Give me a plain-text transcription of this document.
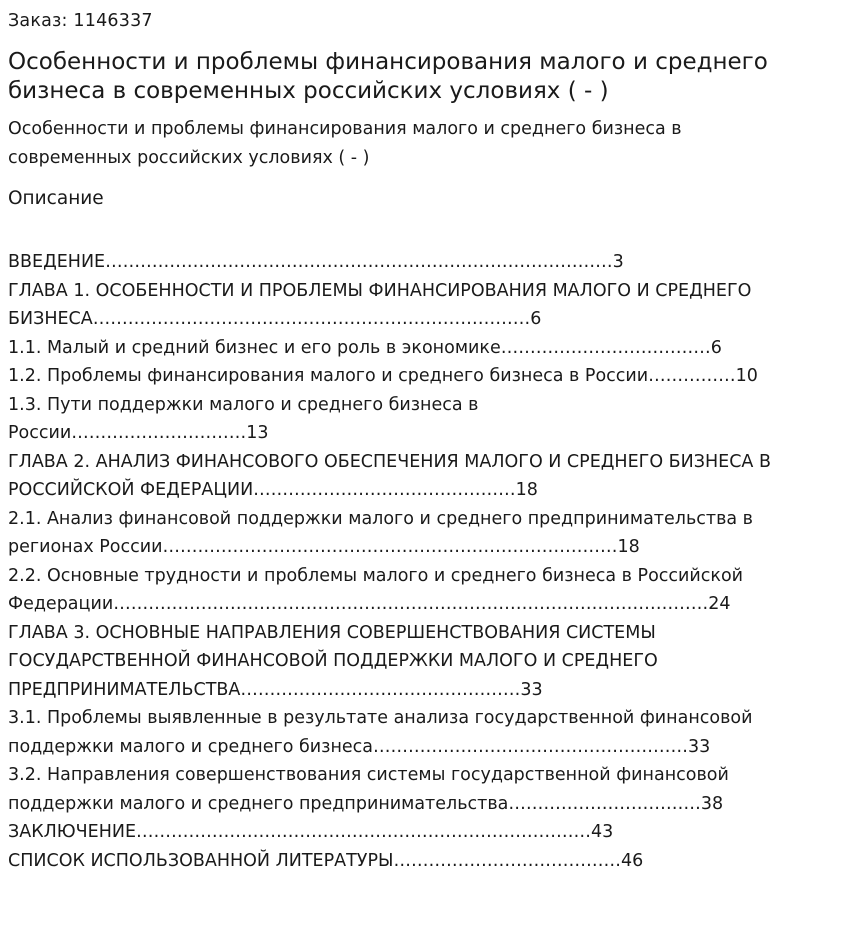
Заказ: 1146337
Особенности и проблемы финансирования малого и среднего бизнеса в современных российских условиях ( - )

Особенности и проблемы финансирования малого и среднего бизнеса в современных российских условиях ( - )

Описание
ВВЕДЕНИЕ……………………………………………………………………………3
ГЛАВА 1. ОСОБЕННОСТИ И ПРОБЛЕМЫ ФИНАНСИРОВАНИЯ МАЛОГО И СРЕДНЕГО
БИЗНЕСА…………………………………………………………………6
1.1. Малый и средний бизнес и его роль в экономике………………………………6
1.2. Проблемы финансирования малого и среднего бизнеса в России……………10
1.3. Пути поддержки малого и среднего бизнеса в
России…………………………13
ГЛАВА 2. АНАЛИЗ ФИНАНСОВОГО ОБЕСПЕЧЕНИЯ МАЛОГО И СРЕДНЕГО БИЗНЕСА В
РОССИЙСКОЙ ФЕДЕРАЦИИ………………………………………18
2.1. Анализ финансовой поддержки малого и среднего предпринимательства в
регионах России……………………………………………………………………18
2.2. Основные трудности и проблемы малого и среднего бизнеса в Российской
Федерации…………………………………………………………………………………………24
ГЛАВА 3. ОСНОВНЫЕ НАПРАВЛЕНИЯ СОВЕРШЕНСТВОВАНИЯ СИСТЕМЫ
ГОСУДАРСТВЕННОЙ ФИНАНСОВОЙ ПОДДЕРЖКИ МАЛОГО И СРЕДНЕГО
ПРЕДПРИНИМАТЕЛЬСТВА…………………………………………33
3.1. Проблемы выявленные в результате анализа государственной финансовой
поддержки малого и среднего бизнеса………………………………………………33
3.2. Направления совершенствования системы государственной финансовой
поддержки малого и среднего предпринимательства……………………………38
ЗАКЛЮЧЕНИЕ……………………………………………………………………43
СПИСОК ИСПОЛЬЗОВАННОЙ ЛИТЕРАТУРЫ…………………………………46
